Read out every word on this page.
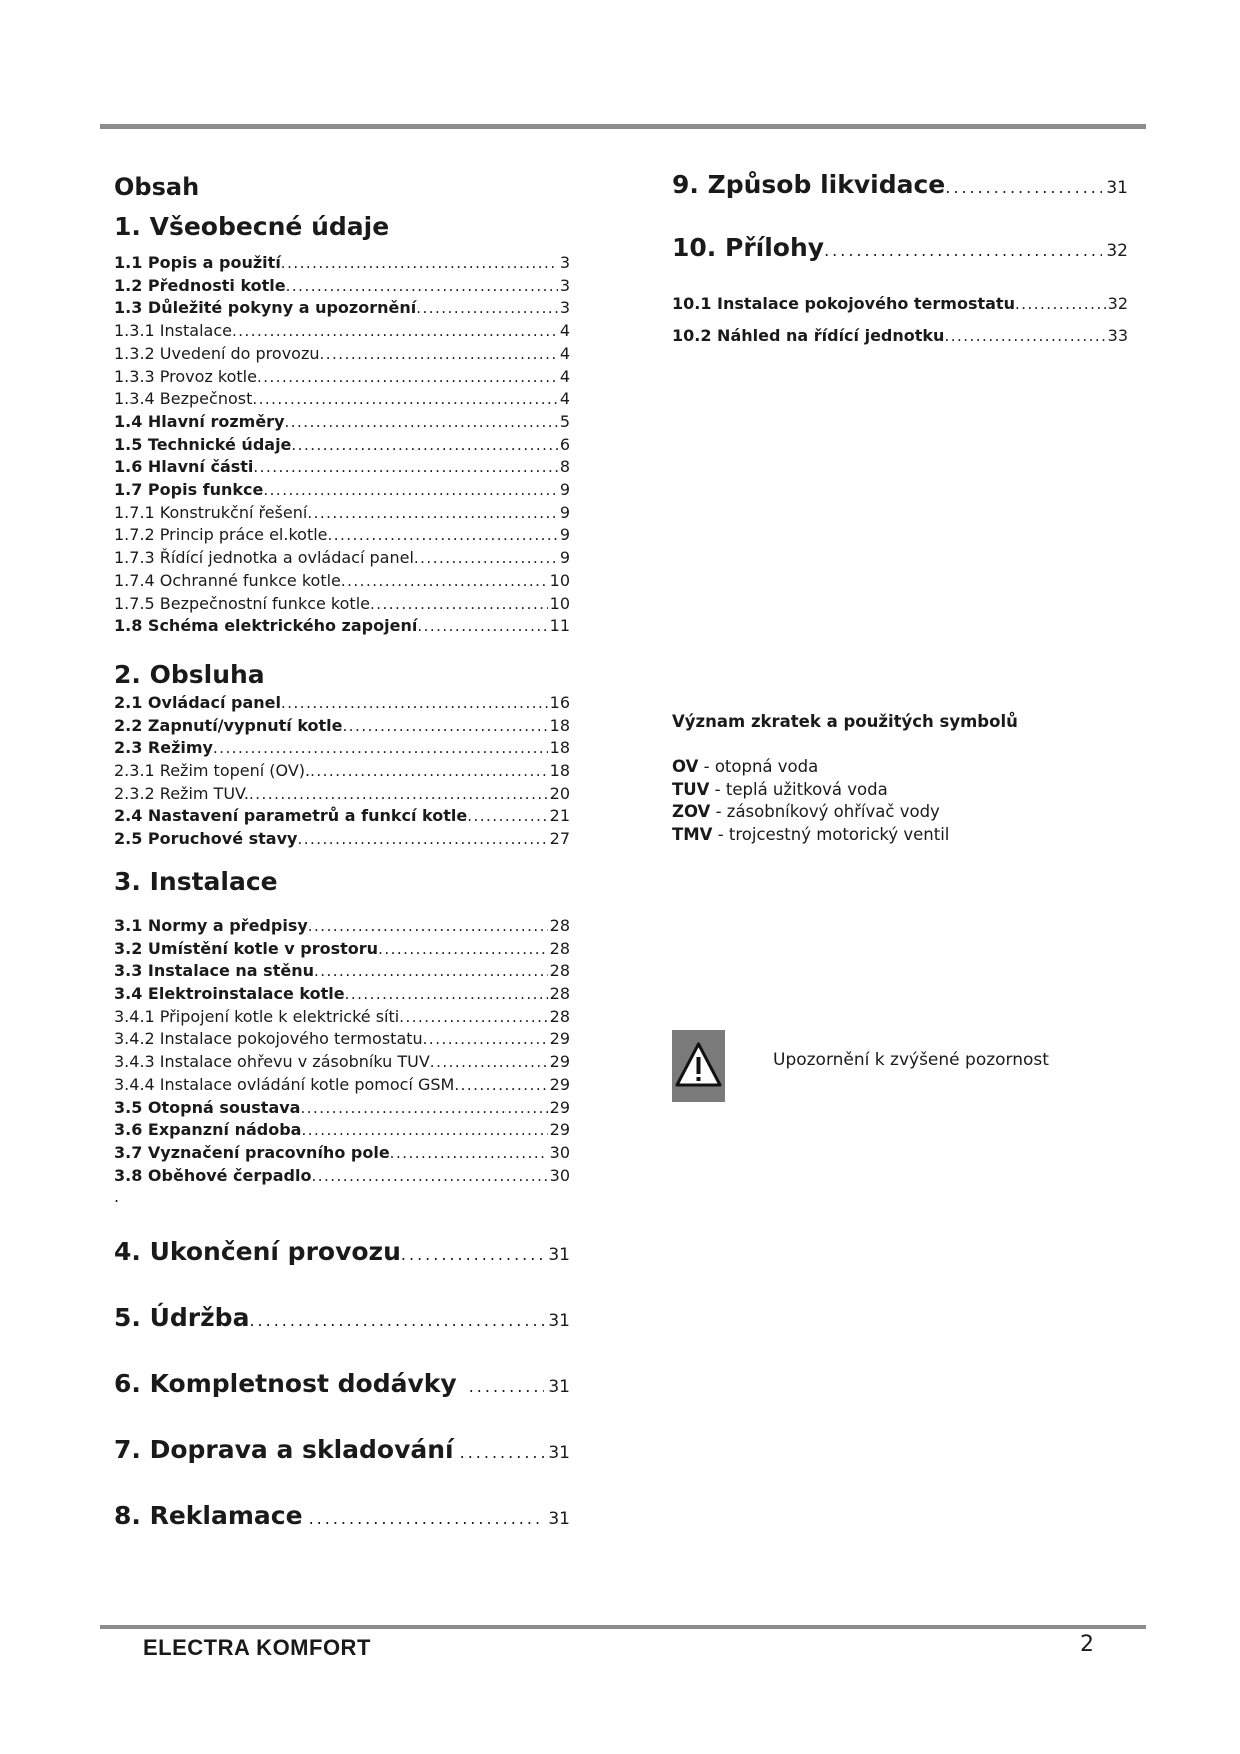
Obsah
1. Všeobecné údaje
1.1 Popis a použití .....	3
1.2 Přednosti kotle .....	3
1.3 Důležité pokyny a upozornění .....	3
1.3.1 Instalace .....	4
1.3.2 Uvedení do provozu .....	4
1.3.3 Provoz kotle .....	4
1.3.4 Bezpečnost .....	4
1.4 Hlavní rozměry .....	5
1.5 Technické údaje .....	6
1.6 Hlavní části .....	8
1.7 Popis funkce .....	9
1.7.1 Konstrukční řešení .....	9
1.7.2 Princip práce el.kotle .....	9
1.7.3 Řídící jednotka a ovládací panel .....	9
1.7.4 Ochranné funkce kotle .....	10
1.7.5 Bezpečnostní funkce kotle .....	10
1.8 Schéma elektrického zapojení .....	11
2. Obsluha
2.1 Ovládací panel .....	16
2.2 Zapnutí/vypnutí kotle .....	18
2.3 Režimy .....	18
2.3.1 Režim topení (OV). .....	18
2.3.2 Režim TUV. .....	20
2.4 Nastavení parametrů a funkcí kotle .....	21
2.5 Poruchové stavy .....	27
3. Instalace
3.1 Normy a předpisy .....	28
3.2 Umístění kotle v prostoru .....	28
3.3 Instalace na stěnu .....	28
3.4 Elektroinstalace kotle .....	28
3.4.1 Připojení kotle k elektrické síti .....	28
3.4.2 Instalace pokojového termostatu .....	29
3.4.3 Instalace ohřevu v zásobníku TUV .....	29
3.4.4 Instalace ovládání kotle pomocí GSM .....	29
3.5 Otopná soustava .....	29
3.6 Expanzní nádoba .....	29
3.7 Vyznačení pracovního pole .....	30
3.8 Oběhové čerpadlo .....	30
.
4. Ukončení provozu .....	31
5. Údržba .....	31
6. Kompletnost dodávky .....	31
7. Doprava a skladování .....	31
8. Reklamace .....	31
9. Způsob likvidace .....	31
10. Přílohy .....	32
10.1 Instalace pokojového termostatu .....	32
10.2 Náhled na řídící jednotku .....	33
Význam zkratek a použitých symbolů
OV - otopná voda
TUV - teplá užitková voda
ZOV - zásobníkový ohřívač vody
TMV - trojcestný motorický ventil
Upozornění k zvýšené pozornost
ELECTRA KOMFORT	2
